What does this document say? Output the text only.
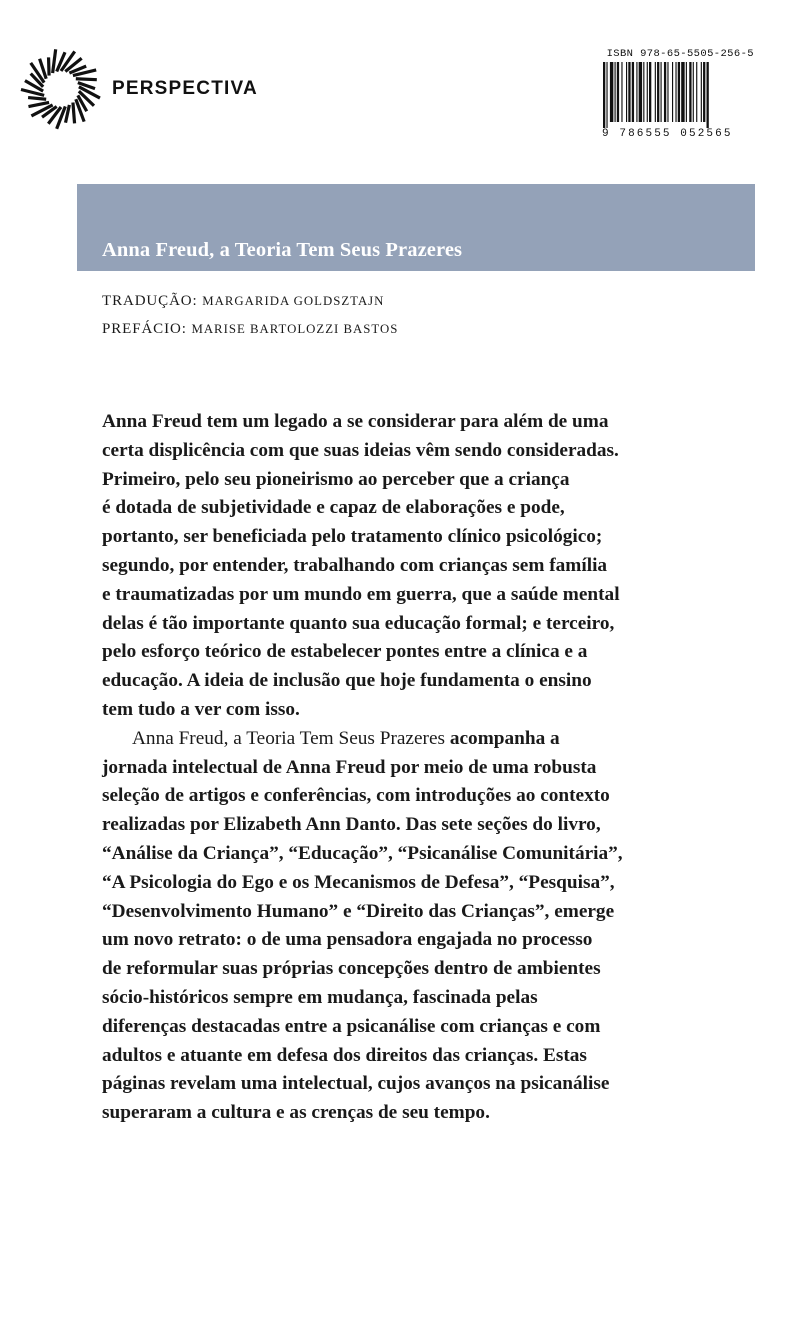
PERSPECTIVA
ISBN 978-65-5505-256-5
9 786555 052565
Anna Freud, a Teoria Tem Seus Prazeres
TRADUÇÃO: MARGARIDA GOLDSZTAJN
PREFÁCIO: MARISE BARTOLOZZI BASTOS

Anna Freud tem um legado a se considerar para além de uma
certa displicência com que suas ideias vêm sendo consideradas.
Primeiro, pelo seu pioneirismo ao perceber que a criança
é dotada de subjetividade e capaz de elaborações e pode,
portanto, ser beneficiada pelo tratamento clínico psicológico;
segundo, por entender, trabalhando com crianças sem família
e traumatizadas por um mundo em guerra, que a saúde mental
delas é tão importante quanto sua educação formal; e terceiro,
pelo esforço teórico de estabelecer pontes entre a clínica e a
educação. A ideia de inclusão que hoje fundamenta o ensino
tem tudo a ver com isso.

Anna Freud, a Teoria Tem Seus Prazeres acompanha a
jornada intelectual de Anna Freud por meio de uma robusta
seleção de artigos e conferências, com introduções ao contexto
realizadas por Elizabeth Ann Danto. Das sete seções do livro,
“Análise da Criança”, “Educação”, “Psicanálise Comunitária”,
“A Psicologia do Ego e os Mecanismos de Defesa”, “Pesquisa”,
“Desenvolvimento Humano” e “Direito das Crianças”, emerge
um novo retrato: o de uma pensadora engajada no processo
de reformular suas próprias concepções dentro de ambientes
sócio-históricos sempre em mudança, fascinada pelas
diferenças destacadas entre a psicanálise com crianças e com
adultos e atuante em defesa dos direitos das crianças. Estas
páginas revelam uma intelectual, cujos avanços na psicanálise
superaram a cultura e as crenças de seu tempo.
